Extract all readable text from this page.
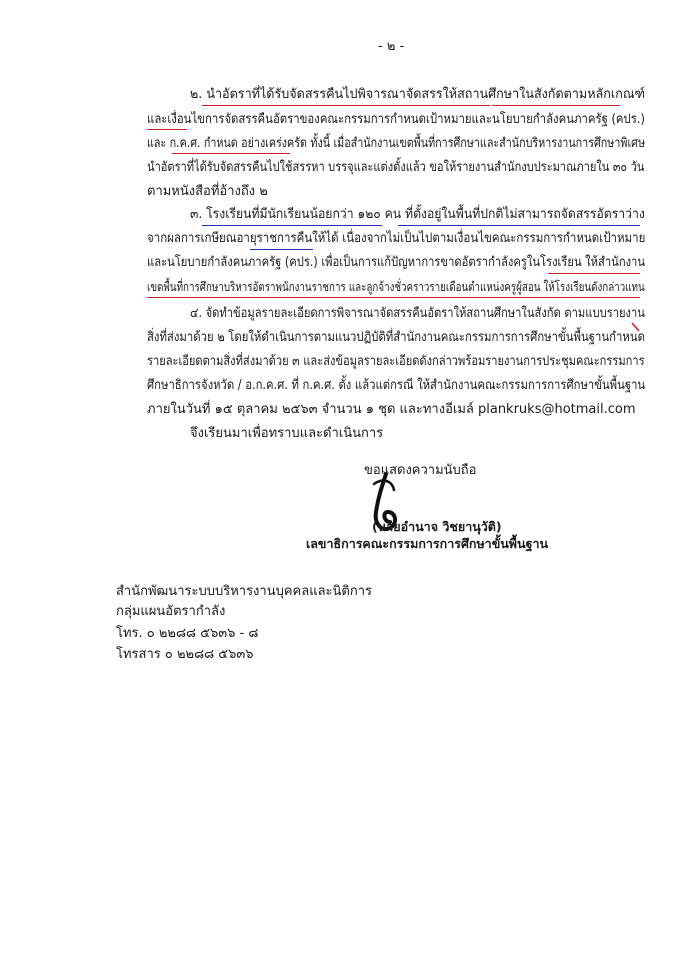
- ๒ -
๒. นำอัตราที่ได้รับจัดสรรคืนไปพิจารณาจัดสรรให้สถานศึกษาในสังกัดตามหลักเกณฑ์
และเงื่อนไขการจัดสรรคืนอัตราของคณะกรรมการกำหนดเป้าหมายและนโยบายกำลังคนภาครัฐ (คปร.)
และ ก.ค.ศ. กำหนด อย่างเคร่งครัด ทั้งนี้ เมื่อสำนักงานเขตพื้นที่การศึกษาและสำนักบริหารงานการศึกษาพิเศษ
นำอัตราที่ได้รับจัดสรรคืนไปใช้สรรหา บรรจุและแต่งตั้งแล้ว ขอให้รายงานสำนักงบประมาณภายใน ๓๐ วัน
ตามหนังสือที่อ้างถึง ๒
๓. โรงเรียนที่มีนักเรียนน้อยกว่า ๑๒๐ คน ที่ตั้งอยู่ในพื้นที่ปกติไม่สามารถจัดสรรอัตราว่าง
จากผลการเกษียณอายุราชการคืนให้ได้ เนื่องจากไม่เป็นไปตามเงื่อนไขคณะกรรมการกำหนดเป้าหมาย
และนโยบายกำลังคนภาครัฐ (คปร.) เพื่อเป็นการแก้ปัญหาการขาดอัตรากำลังครูในโรงเรียน ให้สำนักงาน
เขตพื้นที่การศึกษาบริหารอัตราพนักงานราชการ และลูกจ้างชั่วคราวรายเดือนตำแหน่งครูผู้สอน ให้โรงเรียนดังกล่าวแทน
๔. จัดทำข้อมูลรายละเอียดการพิจารณาจัดสรรคืนอัตราให้สถานศึกษาในสังกัด ตามแบบรายงาน
สิ่งที่ส่งมาด้วย ๒ โดยให้ดำเนินการตามแนวปฏิบัติที่สำนักงานคณะกรรมการการศึกษาขั้นพื้นฐานกำหนด
รายละเอียดตามสิ่งที่ส่งมาด้วย ๓ และส่งข้อมูลรายละเอียดดังกล่าวพร้อมรายงานการประชุมคณะกรรมการ
ศึกษาธิการจังหวัด / อ.ก.ค.ศ. ที่ ก.ค.ศ. ตั้ง แล้วแต่กรณี ให้สำนักงานคณะกรรมการการศึกษาขั้นพื้นฐาน
ภายในวันที่ ๑๕ ตุลาคม ๒๕๖๓ จำนวน ๑ ชุด และทางอีเมล์ plankruks@hotmail.com
จึงเรียนมาเพื่อทราบและดำเนินการ
ขอแสดงความนับถือ
(นายอำนาจ วิชยานุวัติ)
เลขาธิการคณะกรรมการการศึกษาขั้นพื้นฐาน
สำนักพัฒนาระบบบริหารงานบุคคลและนิติการ
กลุ่มแผนอัตรากำลัง
โทร. ๐ ๒๒๘๘ ๕๖๓๖ - ๘
โทรสาร ๐ ๒๒๘๘ ๕๖๓๖
